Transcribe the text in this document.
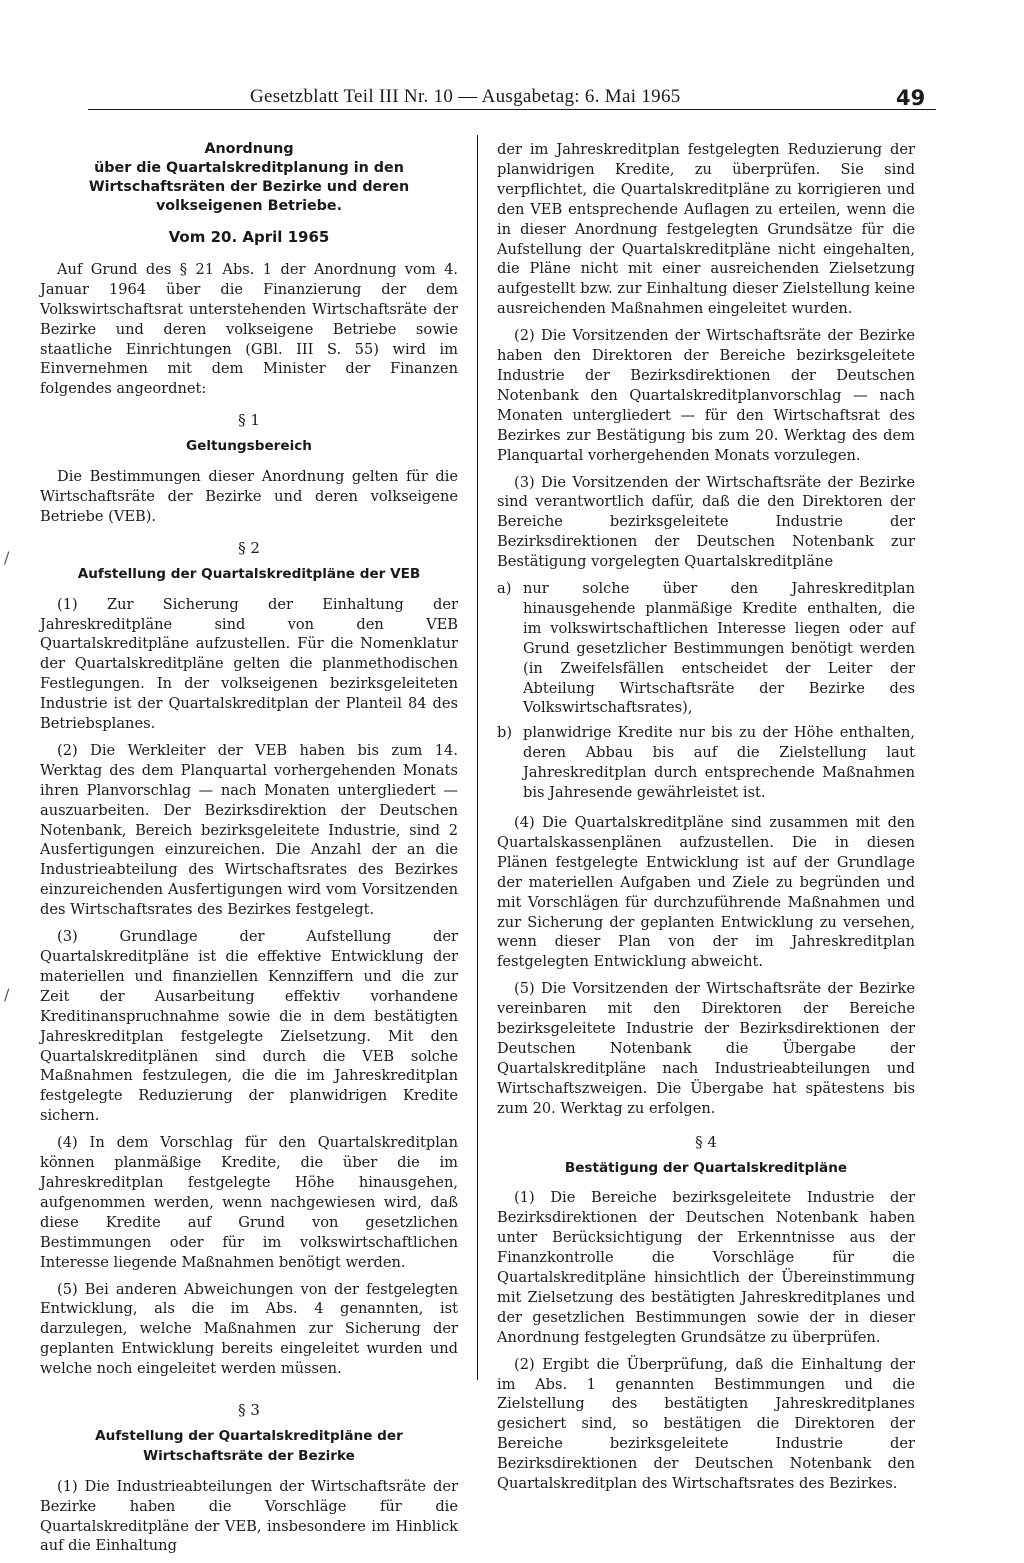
Gesetzblatt Teil III Nr. 10 — Ausgabetag: 6. Mai 1965	49
/
/
Anordnung
über die Quartalskreditplanung in den Wirtschaftsräten der Bezirke und deren volkseigenen Betriebe.
Vom 20. April 1965

Auf Grund des § 21 Abs. 1 der Anordnung vom 4. Januar 1964 über die Finanzierung der dem Volkswirtschaftsrat unterstehenden Wirtschaftsräte der Bezirke und deren volkseigene Betriebe sowie staatliche Einrichtungen (GBl. III S. 55) wird im Einvernehmen mit dem Minister der Finanzen folgendes angeordnet:

§ 1
Geltungsbereich

Die Bestimmungen dieser Anordnung gelten für die Wirtschaftsräte der Bezirke und deren volkseigene Betriebe (VEB).

§ 2
Aufstellung der Quartalskreditpläne der VEB

(1) Zur Sicherung der Einhaltung der Jahreskreditpläne sind von den VEB Quartalskreditpläne aufzustellen. Für die Nomenklatur der Quartalskreditpläne gelten die planmethodischen Festlegungen. In der volkseigenen bezirksgeleiteten Industrie ist der Quartalskreditplan der Planteil 84 des Betriebsplanes.

(2) Die Werkleiter der VEB haben bis zum 14. Werktag des dem Planquartal vorhergehenden Monats ihren Planvorschlag — nach Monaten untergliedert — auszuarbeiten. Der Bezirksdirektion der Deutschen Notenbank, Bereich bezirksgeleitete Industrie, sind 2 Ausfertigungen einzureichen. Die Anzahl der an die Industrieabteilung des Wirtschaftsrates des Bezirkes einzureichenden Ausfertigungen wird vom Vorsitzenden des Wirtschaftsrates des Bezirkes festgelegt.

(3) Grundlage der Aufstellung der Quartalskreditpläne ist die effektive Entwicklung der materiellen und finanziellen Kennziffern und die zur Zeit der Ausarbeitung effektiv vorhandene Kreditinanspruchnahme sowie die in dem bestätigten Jahreskreditplan festgelegte Zielsetzung. Mit den Quartalskreditplänen sind durch die VEB solche Maßnahmen festzulegen, die die im Jahreskreditplan festgelegte Reduzierung der planwidrigen Kredite sichern.

(4) In dem Vorschlag für den Quartalskreditplan können planmäßige Kredite, die über die im Jahreskreditplan festgelegte Höhe hinausgehen, aufgenommen werden, wenn nachgewiesen wird, daß diese Kredite auf Grund von gesetzlichen Bestimmungen oder für im volkswirtschaftlichen Interesse liegende Maßnahmen benötigt werden.

(5) Bei anderen Abweichungen von der festgelegten Entwicklung, als die im Abs. 4 genannten, ist darzulegen, welche Maßnahmen zur Sicherung der geplanten Entwicklung bereits eingeleitet wurden und welche noch eingeleitet werden müssen.

§ 3
Aufstellung der Quartalskreditpläne der Wirtschaftsräte der Bezirke

(1) Die Industrieabteilungen der Wirtschaftsräte der Bezirke haben die Vorschläge für die Quartalskreditpläne der VEB, insbesondere im Hinblick auf die Einhaltung

der im Jahreskreditplan festgelegten Reduzierung der planwidrigen Kredite, zu überprüfen. Sie sind verpflichtet, die Quartalskreditpläne zu korrigieren und den VEB entsprechende Auflagen zu erteilen, wenn die in dieser Anordnung festgelegten Grundsätze für die Aufstellung der Quartalskreditpläne nicht eingehalten, die Pläne nicht mit einer ausreichenden Zielsetzung aufgestellt bzw. zur Einhaltung dieser Zielstellung keine ausreichenden Maßnahmen eingeleitet wurden.

(2) Die Vorsitzenden der Wirtschaftsräte der Bezirke haben den Direktoren der Bereiche bezirksgeleitete Industrie der Bezirksdirektionen der Deutschen Notenbank den Quartalskreditplanvorschlag — nach Monaten untergliedert — für den Wirtschaftsrat des Bezirkes zur Bestätigung bis zum 20. Werktag des dem Planquartal vorhergehenden Monats vorzulegen.

(3) Die Vorsitzenden der Wirtschaftsräte der Bezirke sind verantwortlich dafür, daß die den Direktoren der Bereiche bezirksgeleitete Industrie der Bezirksdirektionen der Deutschen Notenbank zur Bestätigung vorgelegten Quartalskreditpläne

a) nur solche über den Jahreskreditplan hinausgehende planmäßige Kredite enthalten, die im volkswirtschaftlichen Interesse liegen oder auf Grund gesetzlicher Bestimmungen benötigt werden (in Zweifelsfällen entscheidet der Leiter der Abteilung Wirtschaftsräte der Bezirke des Volkswirtschaftsrates),
b) planwidrige Kredite nur bis zu der Höhe enthalten, deren Abbau bis auf die Zielstellung laut Jahreskreditplan durch entsprechende Maßnahmen bis Jahresende gewährleistet ist.

(4) Die Quartalskreditpläne sind zusammen mit den Quartalskassenplänen aufzustellen. Die in diesen Plänen festgelegte Entwicklung ist auf der Grundlage der materiellen Aufgaben und Ziele zu begründen und mit Vorschlägen für durchzuführende Maßnahmen und zur Sicherung der geplanten Entwicklung zu versehen, wenn dieser Plan von der im Jahreskreditplan festgelegten Entwicklung abweicht.

(5) Die Vorsitzenden der Wirtschaftsräte der Bezirke vereinbaren mit den Direktoren der Bereiche bezirksgeleitete Industrie der Bezirksdirektionen der Deutschen Notenbank die Übergabe der Quartalskreditpläne nach Industrieabteilungen und Wirtschaftszweigen. Die Übergabe hat spätestens bis zum 20. Werktag zu erfolgen.

§ 4
Bestätigung der Quartalskreditpläne

(1) Die Bereiche bezirksgeleitete Industrie der Bezirksdirektionen der Deutschen Notenbank haben unter Berücksichtigung der Erkenntnisse aus der Finanzkontrolle die Vorschläge für die Quartalskreditpläne hinsichtlich der Übereinstimmung mit Zielsetzung des bestätigten Jahreskreditplanes und der gesetzlichen Bestimmungen sowie der in dieser Anordnung festgelegten Grundsätze zu überprüfen.

(2) Ergibt die Überprüfung, daß die Einhaltung der im Abs. 1 genannten Bestimmungen und die Zielstellung des bestätigten Jahreskreditplanes gesichert sind, so bestätigen die Direktoren der Bereiche bezirksgeleitete Industrie der Bezirksdirektionen der Deutschen Notenbank den Quartalskreditplan des Wirtschaftsrates des Bezirkes.
